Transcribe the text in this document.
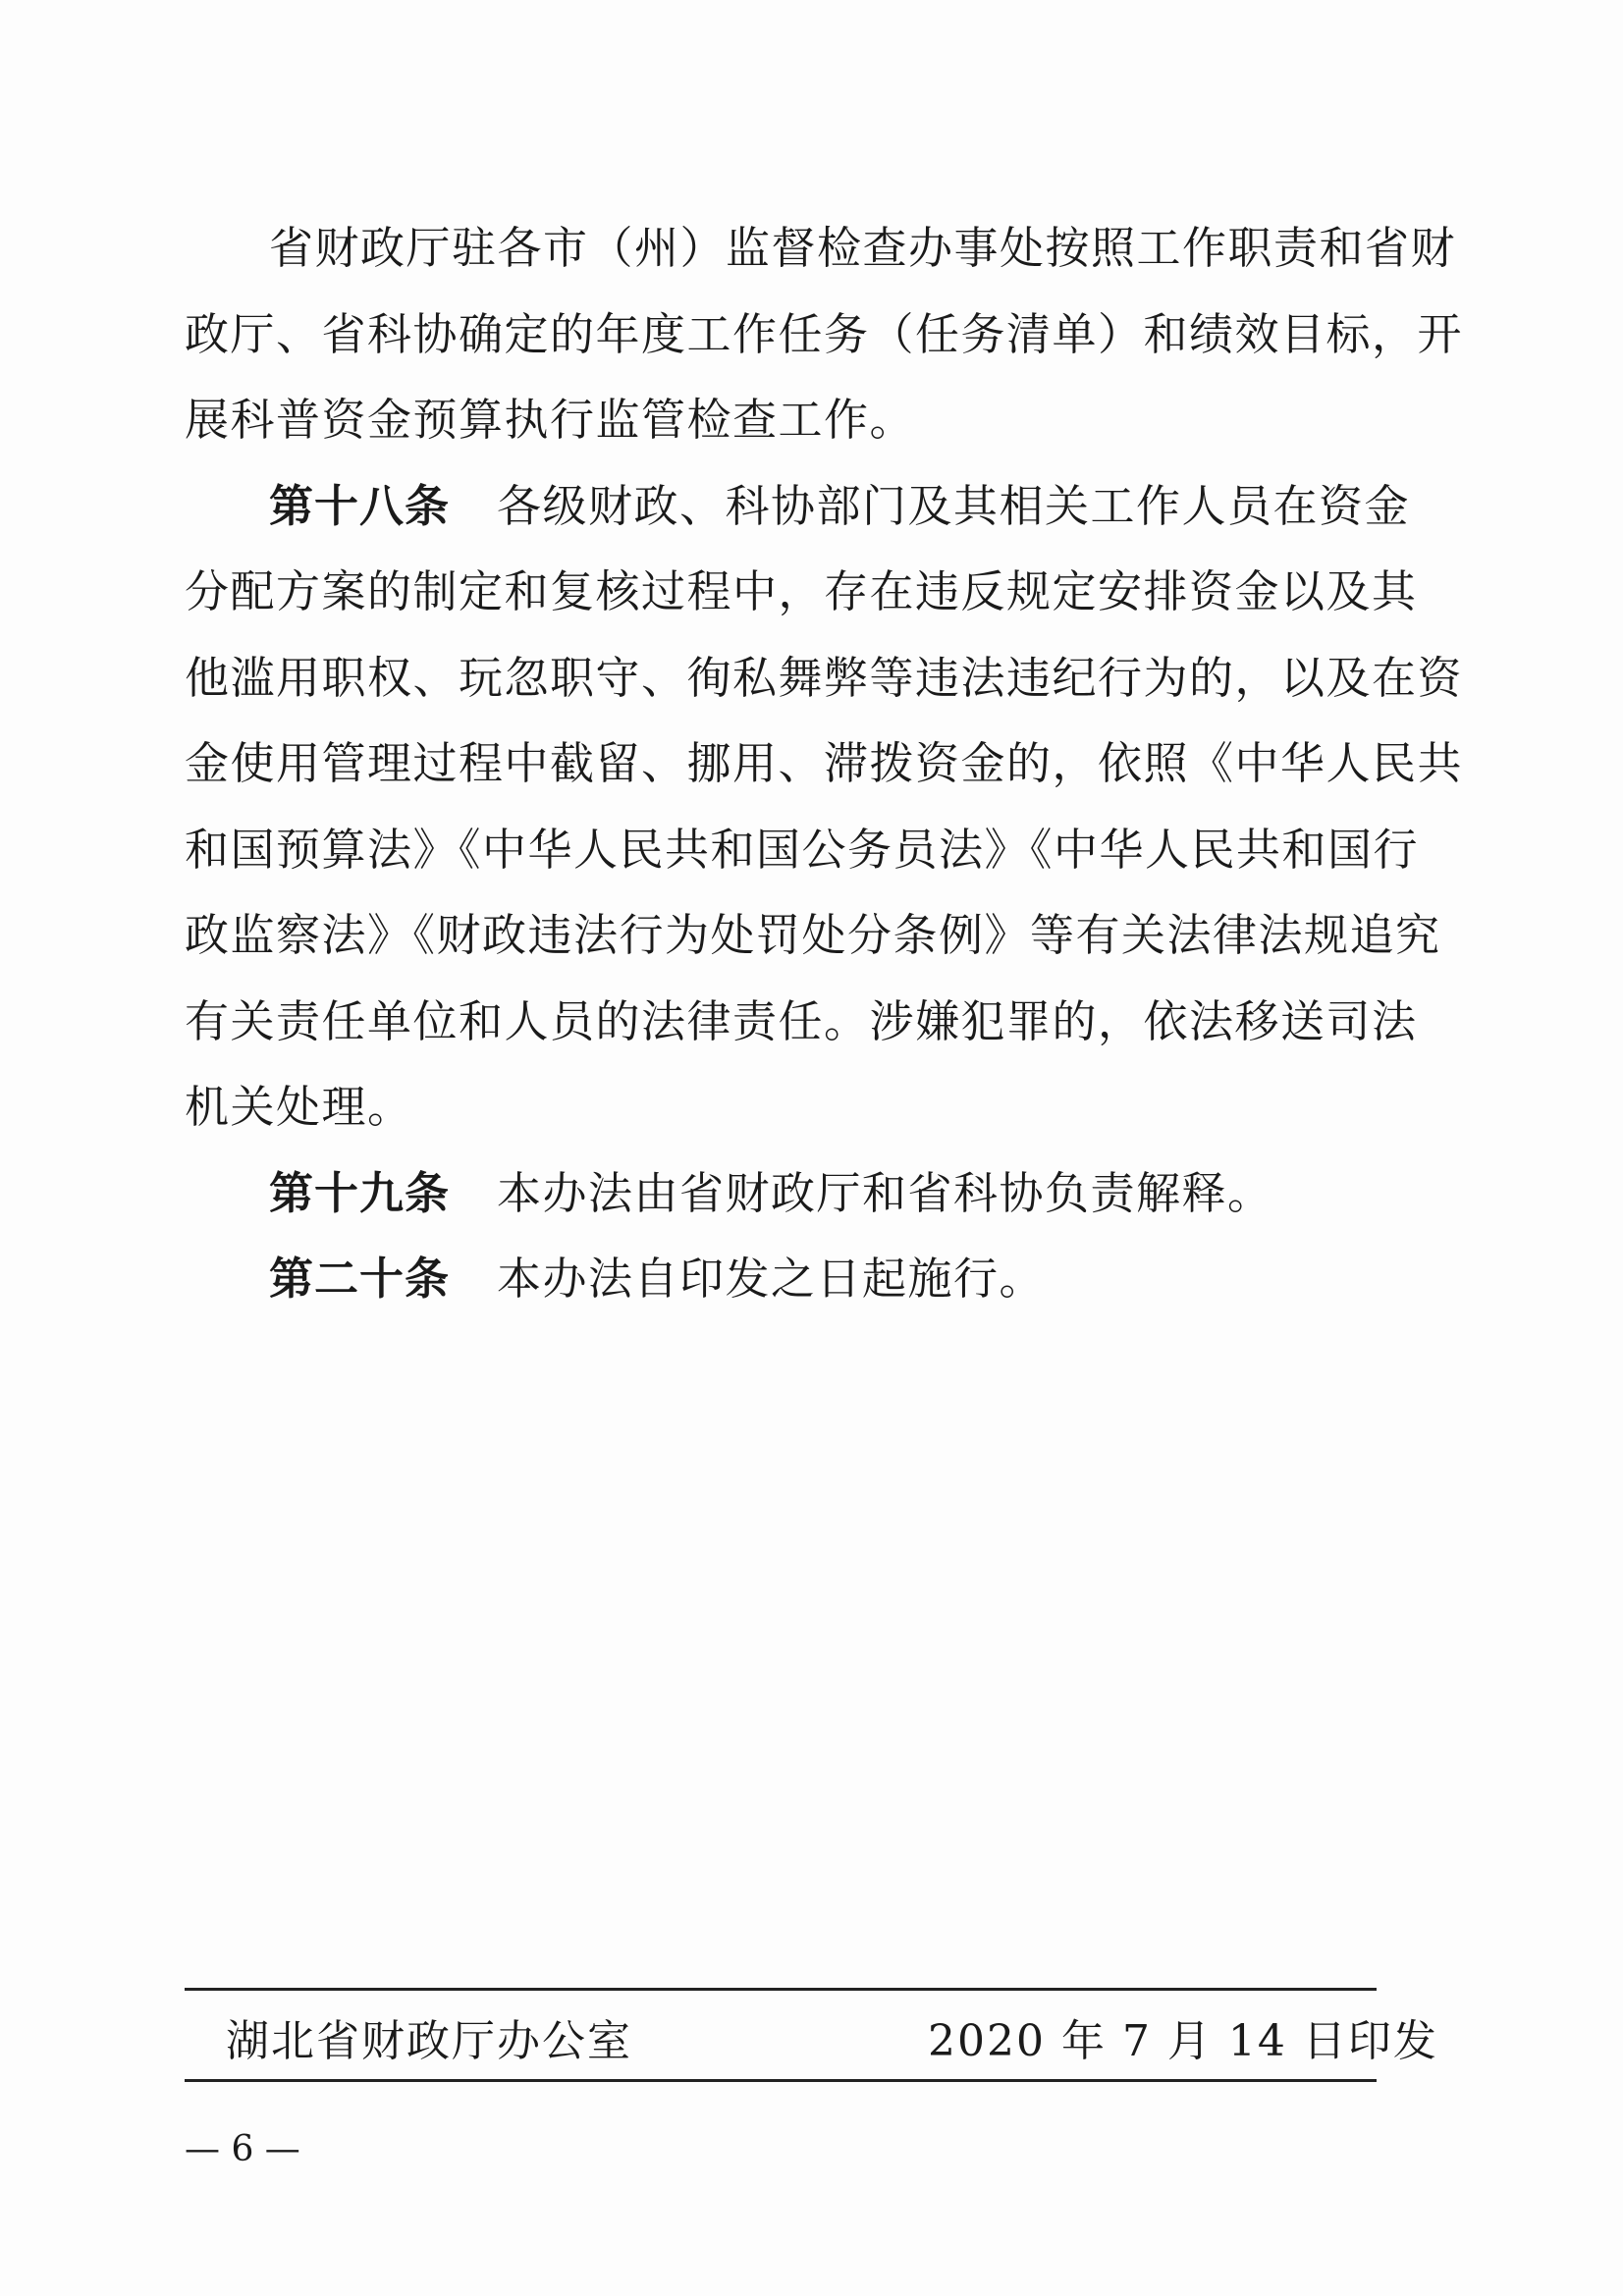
省财政厅驻各市（州）监督检查办事处按照工作职责和省财
政厅、省科协确定的年度工作任务（任务清单）和绩效目标，开
展科普资金预算执行监管检查工作。
第十八条 各级财政、科协部门及其相关工作人员在资金
分配方案的制定和复核过程中，存在违反规定安排资金以及其
他滥用职权、玩忽职守、徇私舞弊等违法违纪行为的，以及在资
金使用管理过程中截留、挪用、滞拨资金的，依照《中华人民共
和国预算法》《中华人民共和国公务员法》《中华人民共和国行
政监察法》《财政违法行为处罚处分条例》等有关法律法规追究
有关责任单位和人员的法律责任。涉嫌犯罪的，依法移送司法
机关处理。
第十九条 本办法由省财政厅和省科协负责解释。
第二十条 本办法自印发之日起施行。
湖北省财政厅办公室	2020 年 7 月 14 日印发
— 6 —
